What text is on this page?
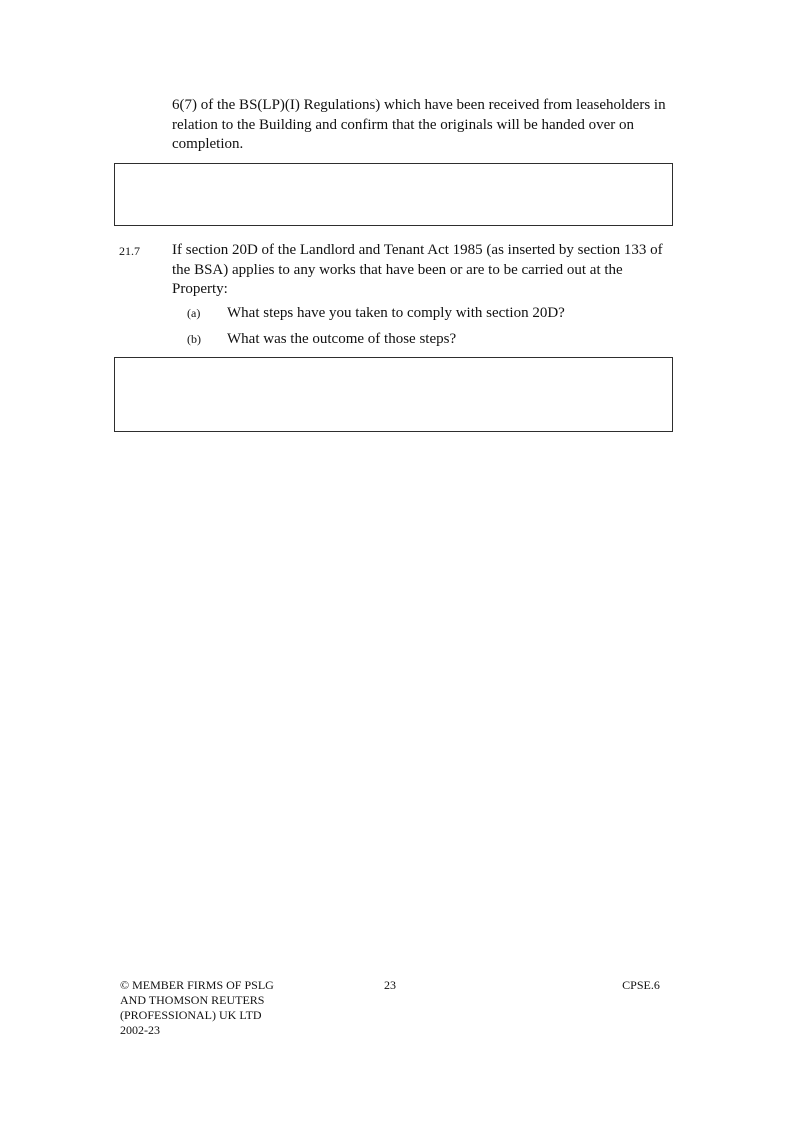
6(7) of the BS(LP)(I) Regulations) which have been received from leaseholders in relation to the Building and confirm that the originals will be handed over on completion.

21.7 If section 20D of the Landlord and Tenant Act 1985 (as inserted by section 133 of the BSA) applies to any works that have been or are to be carried out at the Property:

(a) What steps have you taken to comply with section 20D?
(b) What was the outcome of those steps?
© MEMBER FIRMS OF PSLG
AND THOMSON REUTERS
(PROFESSIONAL) UK LTD
2002-23
23	CPSE.6
